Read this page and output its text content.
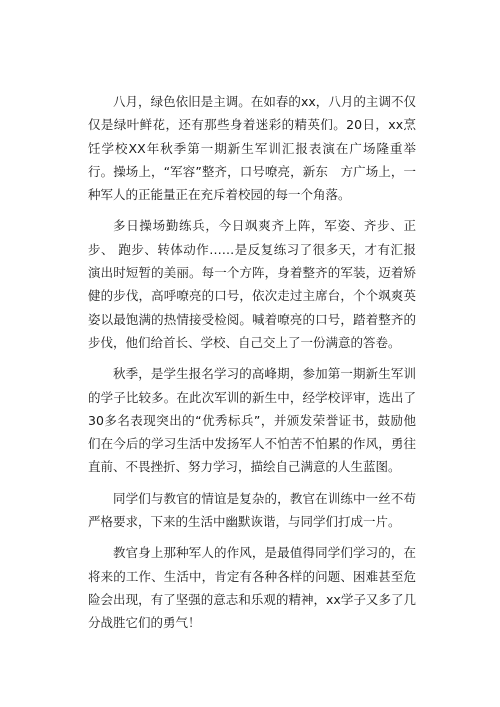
八月，绿色依旧是主调。在如春的xx，八月的主调不仅仅是绿叶鲜花，还有那些身着迷彩的精英们。20日，xx烹饪学校XX年秋季第一期新生军训汇报表演在广场隆重举行。操场上，“军容”整齐，口号嘹亮，新东　方广场上，一种军人的正能量正在充斥着校园的每一个角落。

多日操场勤练兵，今日飒爽齐上阵，军姿、齐步、正步、 跑步、转体动作……是反复练习了很多天，才有汇报演出时短暂的美丽。每一个方阵，身着整齐的军装，迈着矫健的步伐，高呼嘹亮的口号，依次走过主席台，个个飒爽英姿以最饱满的热情接受检阅。喊着嘹亮的口号，踏着整齐的步伐，他们给首长、学校、自己交上了一份满意的答卷。

秋季，是学生报名学习的高峰期，参加第一期新生军训的学子比较多。在此次军训的新生中，经学校评审，选出了30多名表现突出的“优秀标兵”，并颁发荣誉证书，鼓励他们在今后的学习生活中发扬军人不怕苦不怕累的作风，勇往直前、不畏挫折、努力学习，描绘自己满意的人生蓝图。

同学们与教官的情谊是复杂的，教官在训练中一丝不苟严格要求，下来的生活中幽默诙谐，与同学们打成一片。

教官身上那种军人的作风，是最值得同学们学习的，在将来的工作、生活中，肯定有各种各样的问题、困难甚至危　险会出现，有了坚强的意志和乐观的精神，xx学子又多了几分战胜它们的勇气！
